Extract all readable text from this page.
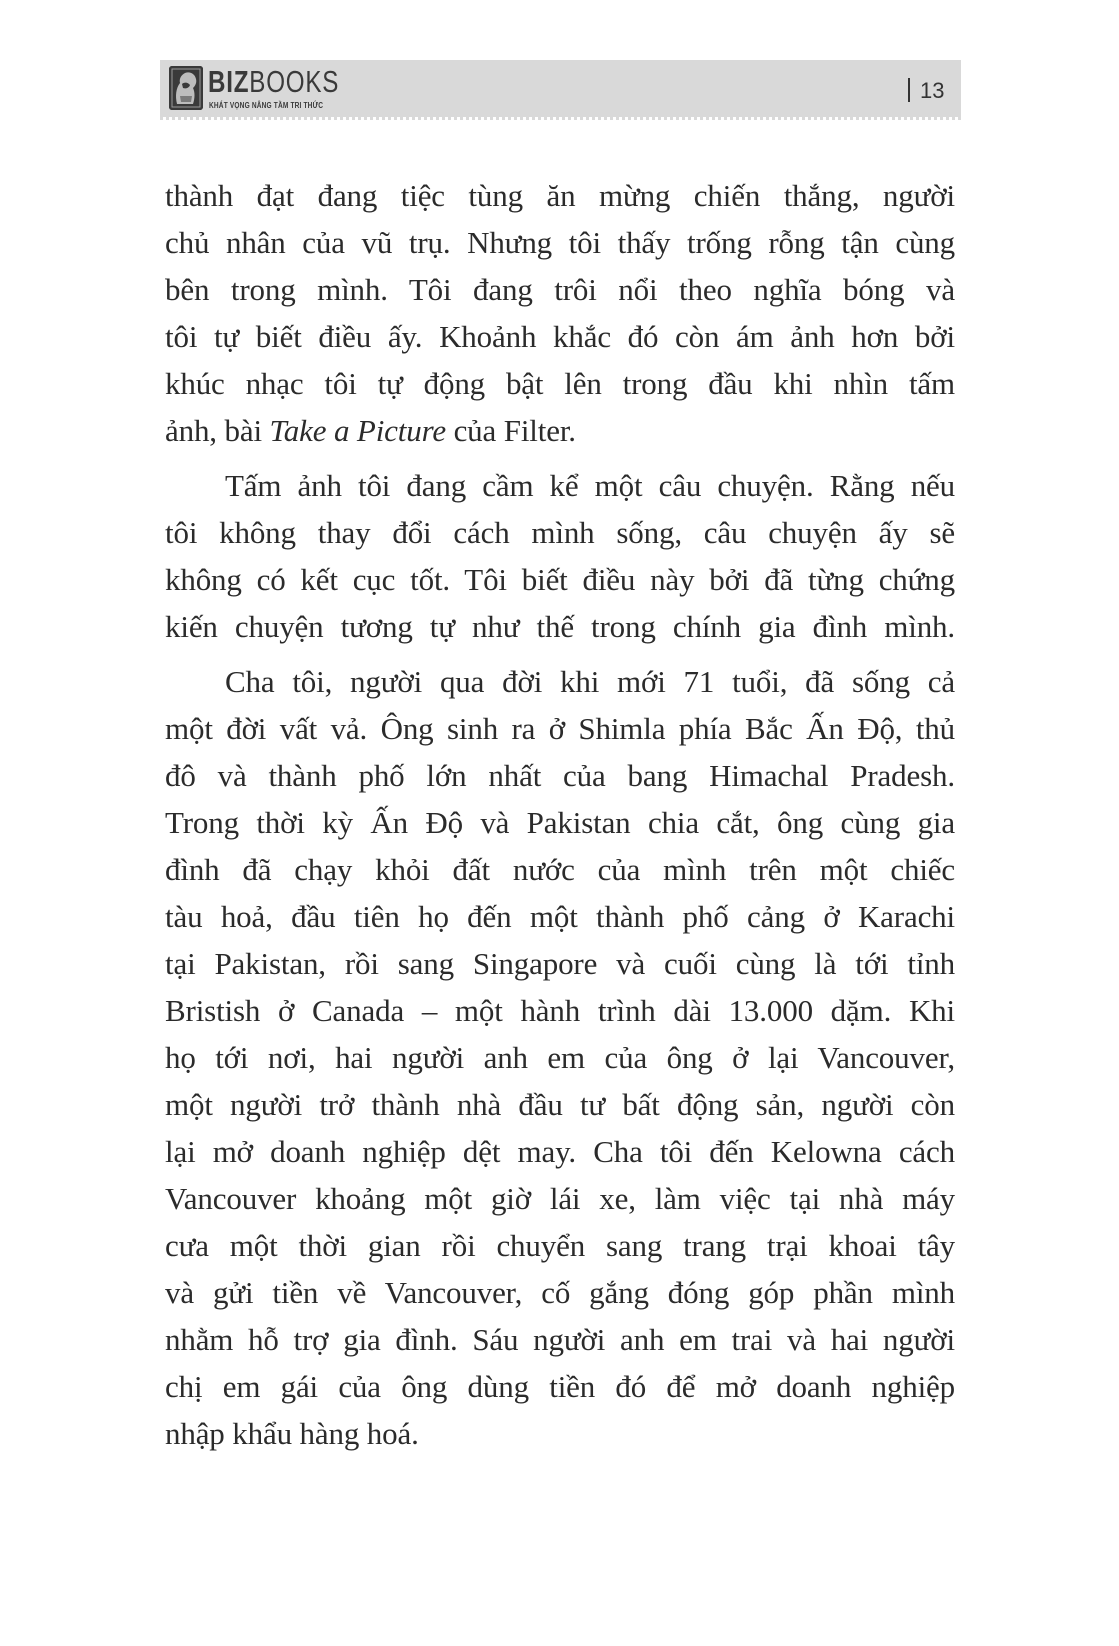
BIZBOOKS
KHÁT VỌNG NÂNG TẦM TRI THỨC
13
thành đạt đang tiệc tùng ăn mừng chiến thắng, người
chủ nhân của vũ trụ. Nhưng tôi thấy trống rỗng tận cùng
bên trong mình. Tôi đang trôi nổi theo nghĩa bóng và
tôi tự biết điều ấy. Khoảnh khắc đó còn ám ảnh hơn bởi
khúc nhạc tôi tự động bật lên trong đầu khi nhìn tấm
ảnh, bài Take a Picture của Filter.
Tấm ảnh tôi đang cầm kể một câu chuyện. Rằng nếu
tôi không thay đổi cách mình sống, câu chuyện ấy sẽ
không có kết cục tốt. Tôi biết điều này bởi đã từng chứng
kiến chuyện tương tự như thế trong chính gia đình mình.
Cha tôi, người qua đời khi mới 71 tuổi, đã sống cả
một đời vất vả. Ông sinh ra ở Shimla phía Bắc Ấn Độ, thủ
đô và thành phố lớn nhất của bang Himachal Pradesh.
Trong thời kỳ Ấn Độ và Pakistan chia cắt, ông cùng gia
đình đã chạy khỏi đất nước của mình trên một chiếc
tàu hoả, đầu tiên họ đến một thành phố cảng ở Karachi
tại Pakistan, rồi sang Singapore và cuối cùng là tới tỉnh
Bristish ở Canada – một hành trình dài 13.000 dặm. Khi
họ tới nơi, hai người anh em của ông ở lại Vancouver,
một người trở thành nhà đầu tư bất động sản, người còn
lại mở doanh nghiệp dệt may. Cha tôi đến Kelowna cách
Vancouver khoảng một giờ lái xe, làm việc tại nhà máy
cưa một thời gian rồi chuyển sang trang trại khoai tây
và gửi tiền về Vancouver, cố gắng đóng góp phần mình
nhằm hỗ trợ gia đình. Sáu người anh em trai và hai người
chị em gái của ông dùng tiền đó để mở doanh nghiệp
nhập khẩu hàng hoá.
